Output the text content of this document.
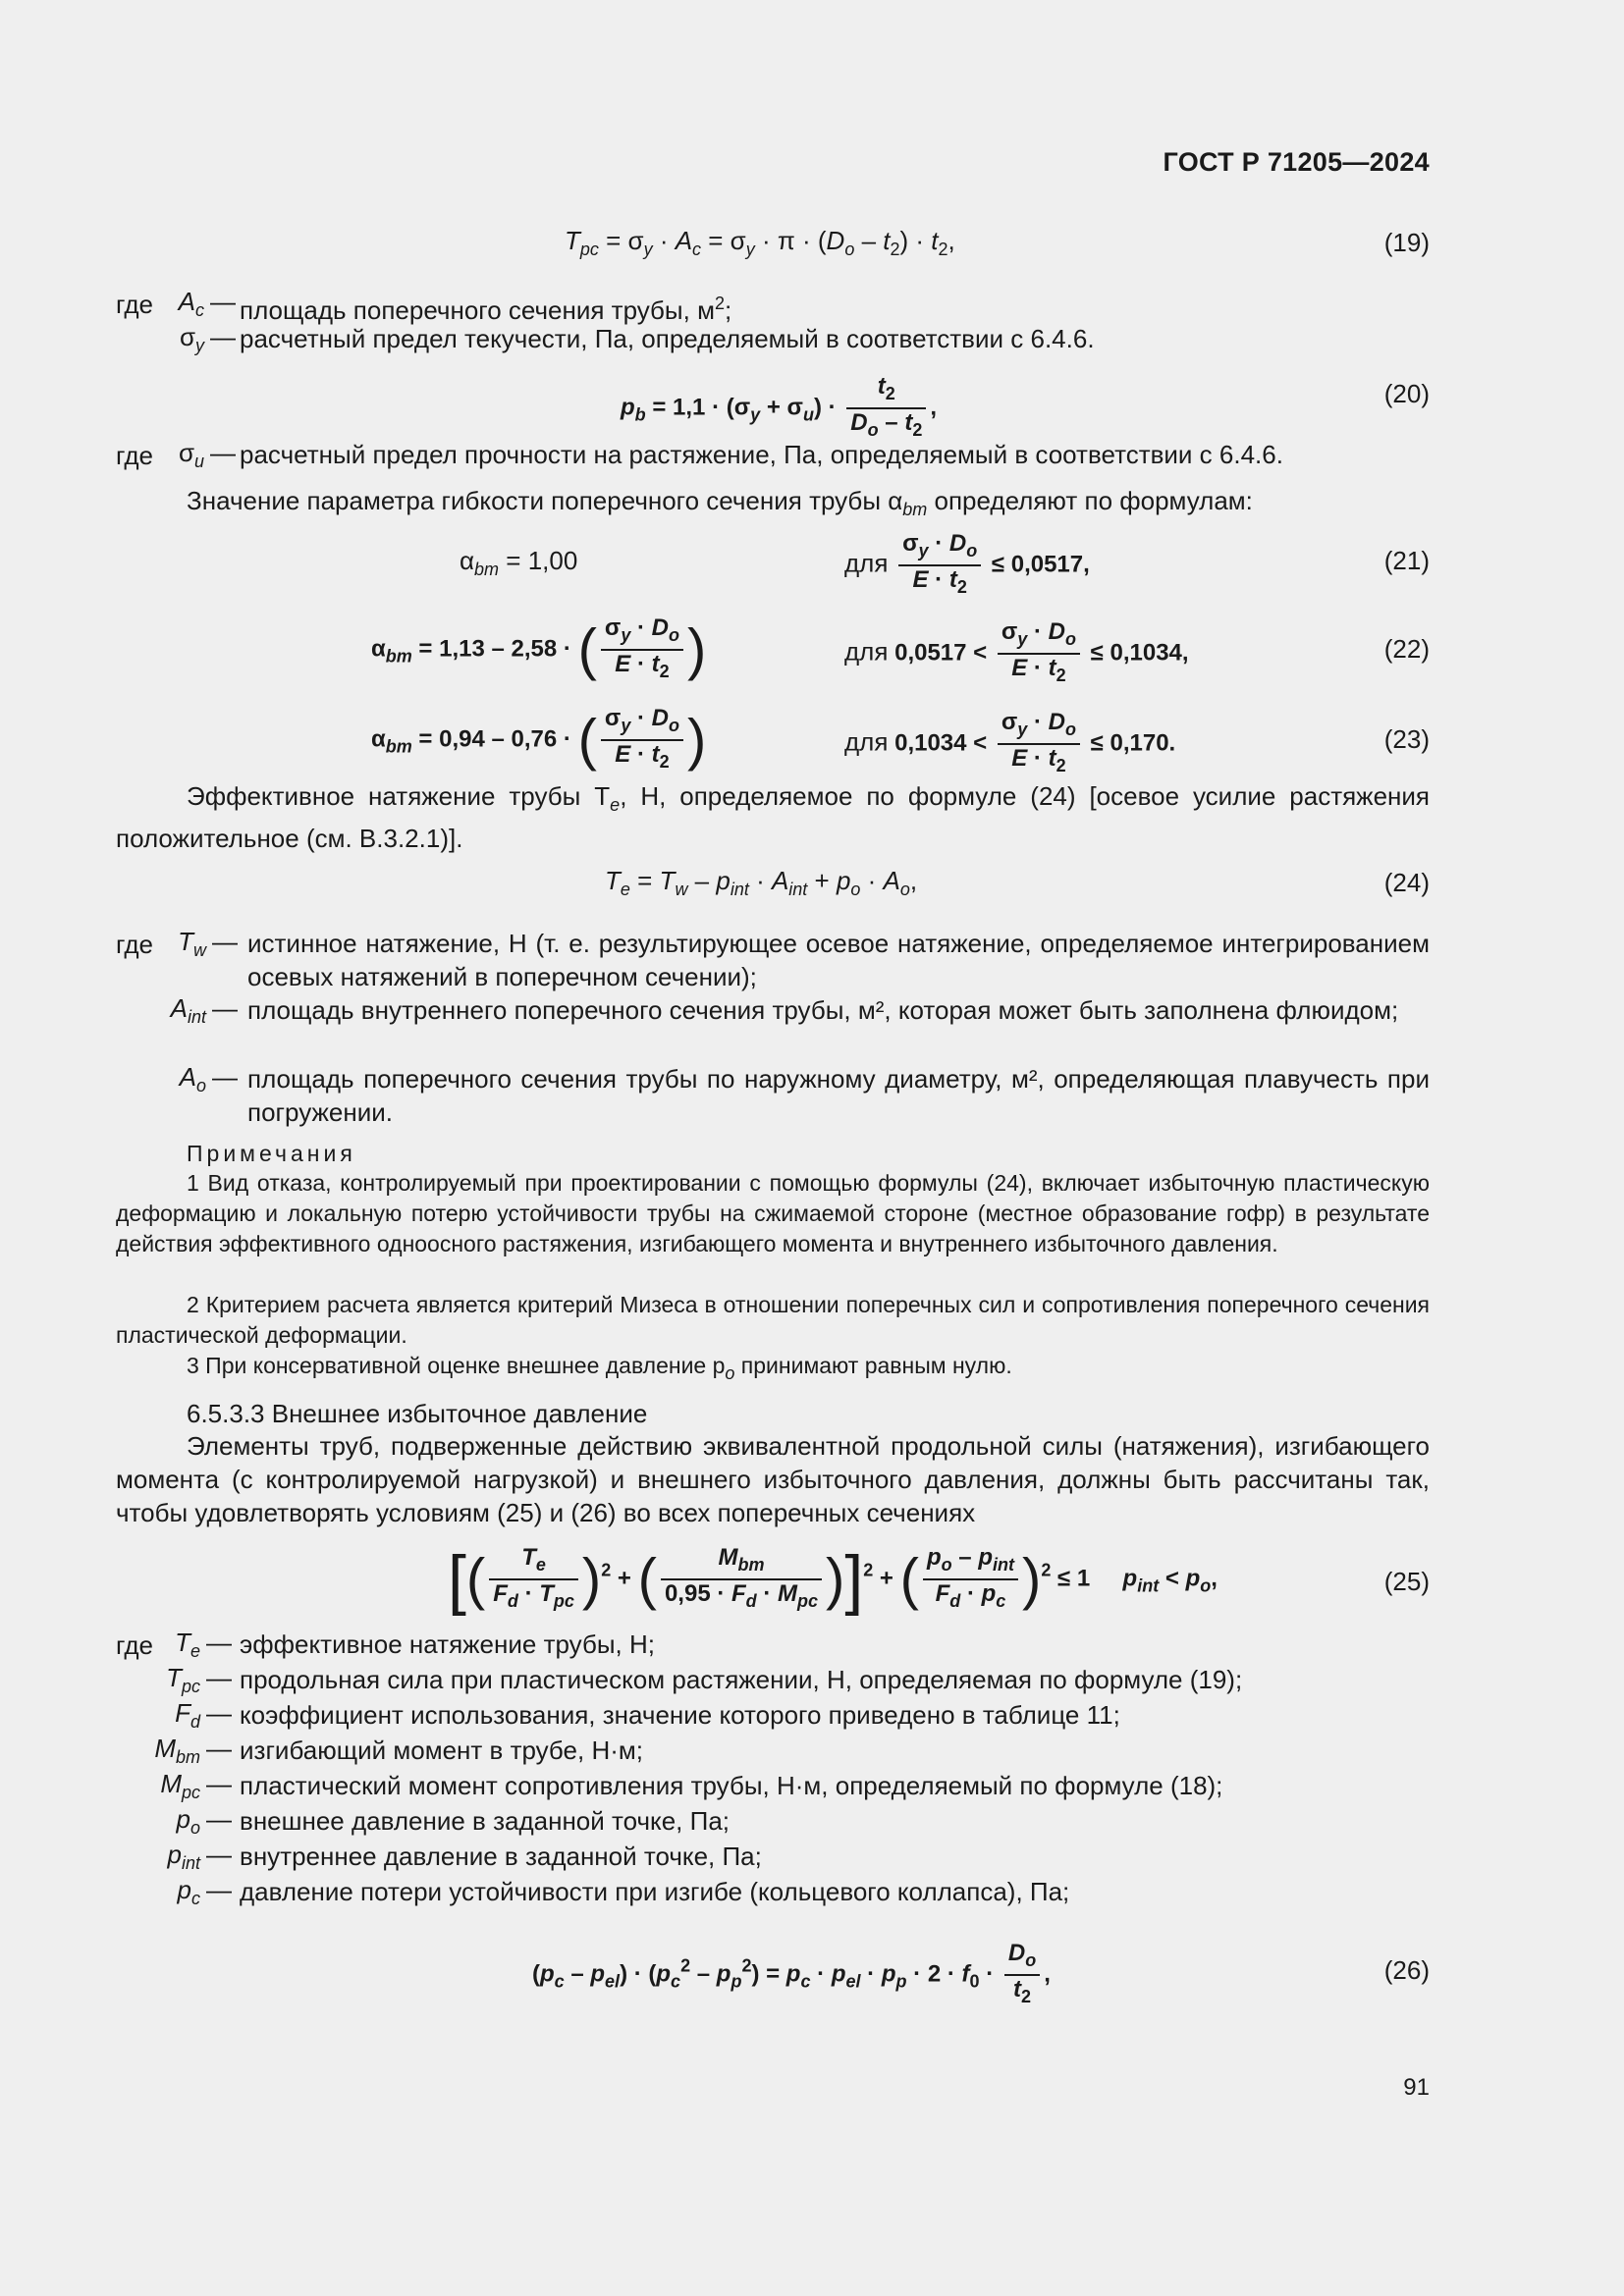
ГОСТ Р 71205—2024
$T_{pc} = \sigma_y \cdot A_c = \sigma_y \cdot \pi \cdot (D_o - t_2) \cdot t_2$,	(19)
где $A_c$ — площадь поперечного сечения трубы, $м^2$;
$\sigma_y$ — расчетный предел текучести, Па, определяемый в соответствии с 6.4.6.
$p_b = 1,1 \cdot (\sigma_y + \sigma_u) \cdot \frac{t_2}{D_o - t_2}$ ,	(20)
где $\sigma_u$ — расчетный предел прочности на растяжение, Па, определяемый в соответствии с 6.4.6.
Значение параметра гибкости поперечного сечения трубы $\alpha_{bm}$ определяют по формулам:
$\alpha_{bm} = 1,00$	для $\frac{\sigma_y \cdot D_o}{E \cdot t_2} \le 0,0517$,	(21)
$\alpha_{bm} = 1,13 - 2,58$ · ( $\frac{\sigma_y \cdot D_o}{E \cdot t_2}$ )	для $0,0517 < \frac{\sigma_y \cdot D_o}{E \cdot t_2} \le 0,1034$,	(22)
$\alpha_{bm} = 0,94 - 0,76$ · ( $\frac{\sigma_y \cdot D_o}{E \cdot t_2}$ )	для $0,1034 < \frac{\sigma_y \cdot D_o}{E \cdot t_2} \le 0,170$.	(23)
Эффективное натяжение трубы $T_e$, Н, определяемое по формуле (24) [осевое усилие растяжения положительное (см. В.3.2.1)].
$T_e = T_w - p_{int} \cdot A_{int} + p_o \cdot A_o$,	(24)
где $T_w$ — истинное натяжение, Н (т. е. результирующее осевое натяжение, определяемое интегрированием осевых натяжений в поперечном сечении);
$A_{int}$ — площадь внутреннего поперечного сечения трубы, м², которая может быть заполнена флюидом;
$A_o$ — площадь поперечного сечения трубы по наружному диаметру, м², определяющая плавучесть при погружении.
Примечания
1 Вид отказа, контролируемый при проектировании с помощью формулы (24), включает избыточную пластическую деформацию и локальную потерю устойчивости трубы на сжимаемой стороне (местное образование гофр) в результате действия эффективного одноосного растяжения, изгибающего момента и внутреннего избыточного давления.
2 Критерием расчета является критерий Мизеса в отношении поперечных сил и сопротивления поперечного сечения пластической деформации.
3 При консервативной оценке внешнее давление $p_o$ принимают равным нулю.
6.5.3.3 Внешнее избыточное давление
Элементы труб, подверженные действию эквивалентной продольной силы (натяжения), изгибающего момента (с контролируемой нагрузкой) и внешнего избыточного давления, должны быть рассчитаны так, чтобы удовлетворять условиям (25) и (26) во всех поперечных сечениях
[( $\frac{T_e}{F_d \cdot T_{pc}} )^2$ + ( $\frac{M_{bm}}{0,95 \cdot F_d \cdot M_{pc}} )]^2$ + ( $\frac{p_o - p_{int}}{F_d \cdot p_c} )^2 \le 1$ $p_{int} < p_o$,	(25)
где $T_e$ — эффективное натяжение трубы, Н;
$T_{pc}$ — продольная сила при пластическом растяжении, Н, определяемая по формуле (19);
$F_d$ — коэффициент использования, значение которого приведено в таблице 11;
$M_{bm}$ — изгибающий момент в трубе, Н·м;
$M_{pc}$ — пластический момент сопротивления трубы, Н·м, определяемый по формуле (18);
$p_o$ — внешнее давление в заданной точке, Па;
$p_{int}$ — внутреннее давление в заданной точке, Па;
$p_c$ — давление потери устойчивости при изгибе (кольцевого коллапса), Па;
$(p_c - p_{el}) \cdot (p_c^2 - p_p^2) = p_c \cdot p_{el} \cdot p_p \cdot 2 \cdot f_0 \cdot \frac{D_o}{t_2}$ ,	(26)
91
